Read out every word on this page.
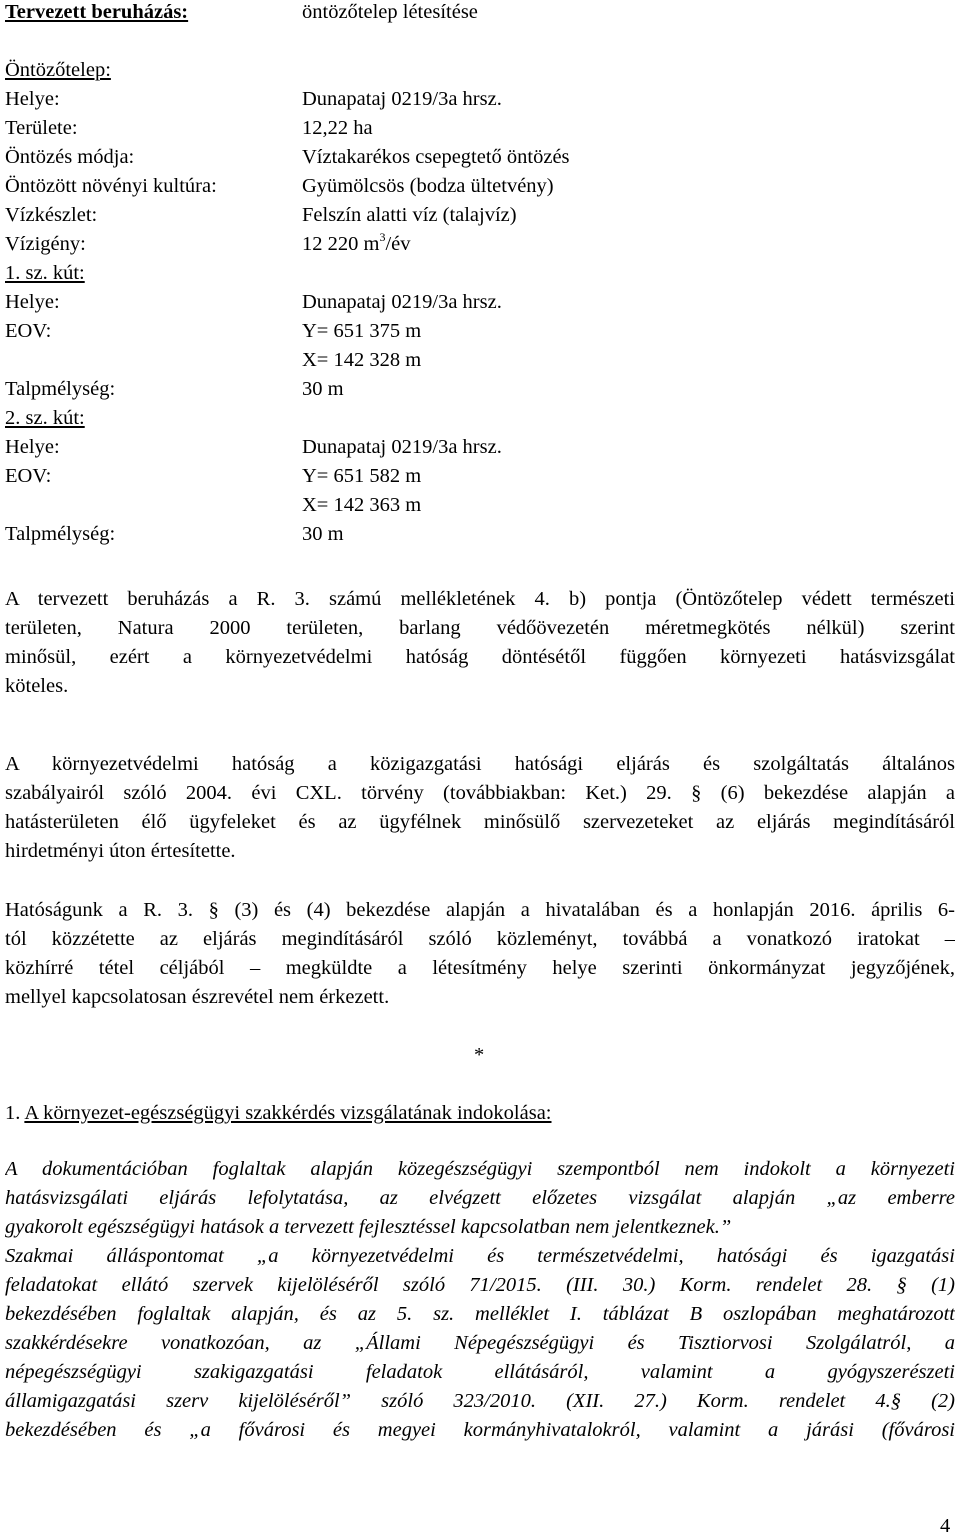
Tervezett beruházás:	öntözőtelep létesítése
Öntözőtelep:
Helye:	Dunapataj 0219/3a hrsz.
Területe:	12,22 ha
Öntözés módja:	Víztakarékos csepegtető öntözés
Öntözött növényi kultúra:	Gyümölcsös (bodza ültetvény)
Vízkészlet:	Felszín alatti víz (talajvíz)
Vízigény:	12 220 $m^3/év$
1. sz. kút:
Helye:	Dunapataj 0219/3a hrsz.
EOV:	Y= 651 375 m
X= 142 328 m
Talpmélység:	30 m
2. sz. kút:
Helye:	Dunapataj 0219/3a hrsz.
EOV:	Y= 651 582 m
X= 142 363 m
Talpmélység:	30 m
A tervezett beruházás a R. 3. számú mellékletének 4. b) pontja (Öntözőtelep védett természeti
területen, Natura 2000 területen, barlang védőövezetén méretmegkötés nélkül) szerint
minősül, ezért a környezetvédelmi hatóság döntésétől függően környezeti hatásvizsgálat
köteles.
A környezetvédelmi hatóság a közigazgatási hatósági eljárás és szolgáltatás általános
szabályairól szóló 2004. évi CXL. törvény (továbbiakban: Ket.) 29. § (6) bekezdése alapján a
hatásterületen élő ügyfeleket és az ügyfélnek minősülő szervezeteket az eljárás megindításáról
hirdetményi úton értesítette.
Hatóságunk a R. 3. § (3) és (4) bekezdése alapján a hivatalában és a honlapján 2016. április 6-
tól közzétette az eljárás megindításáról szóló közleményt, továbbá a vonatkozó iratokat –
közhírré tétel céljából – megküldte a létesítmény helye szerinti önkormányzat jegyzőjének,
mellyel kapcsolatosan észrevétel nem érkezett.
*
1. A környezet-egészségügyi szakkérdés vizsgálatának indokolása:
A dokumentációban foglaltak alapján közegészségügyi szempontból nem indokolt a környezeti
hatásvizsgálati eljárás lefolytatása, az elvégzett előzetes vizsgálat alapján „az emberre
gyakorolt egészségügyi hatások a tervezett fejlesztéssel kapcsolatban nem jelentkeznek.”
Szakmai álláspontomat „a környezetvédelmi és természetvédelmi, hatósági és igazgatási
feladatokat ellátó szervek kijelöléséről szóló 71/2015. (III. 30.) Korm. rendelet 28. § (1)
bekezdésében foglaltak alapján, és az 5. sz. melléklet I. táblázat B oszlopában meghatározott
szakkérdésekre vonatkozóan, az „Állami Népegészségügyi és Tisztiorvosi Szolgálatról, a
népegészségügyi szakigazgatási feladatok ellátásáról, valamint a gyógyszerészeti
államigazgatási szerv kijelöléséről” szóló 323/2010. (XII. 27.) Korm. rendelet 4.§ (2)
bekezdésében és „a fővárosi és megyei kormányhivatalokról, valamint a járási (fővárosi
4
